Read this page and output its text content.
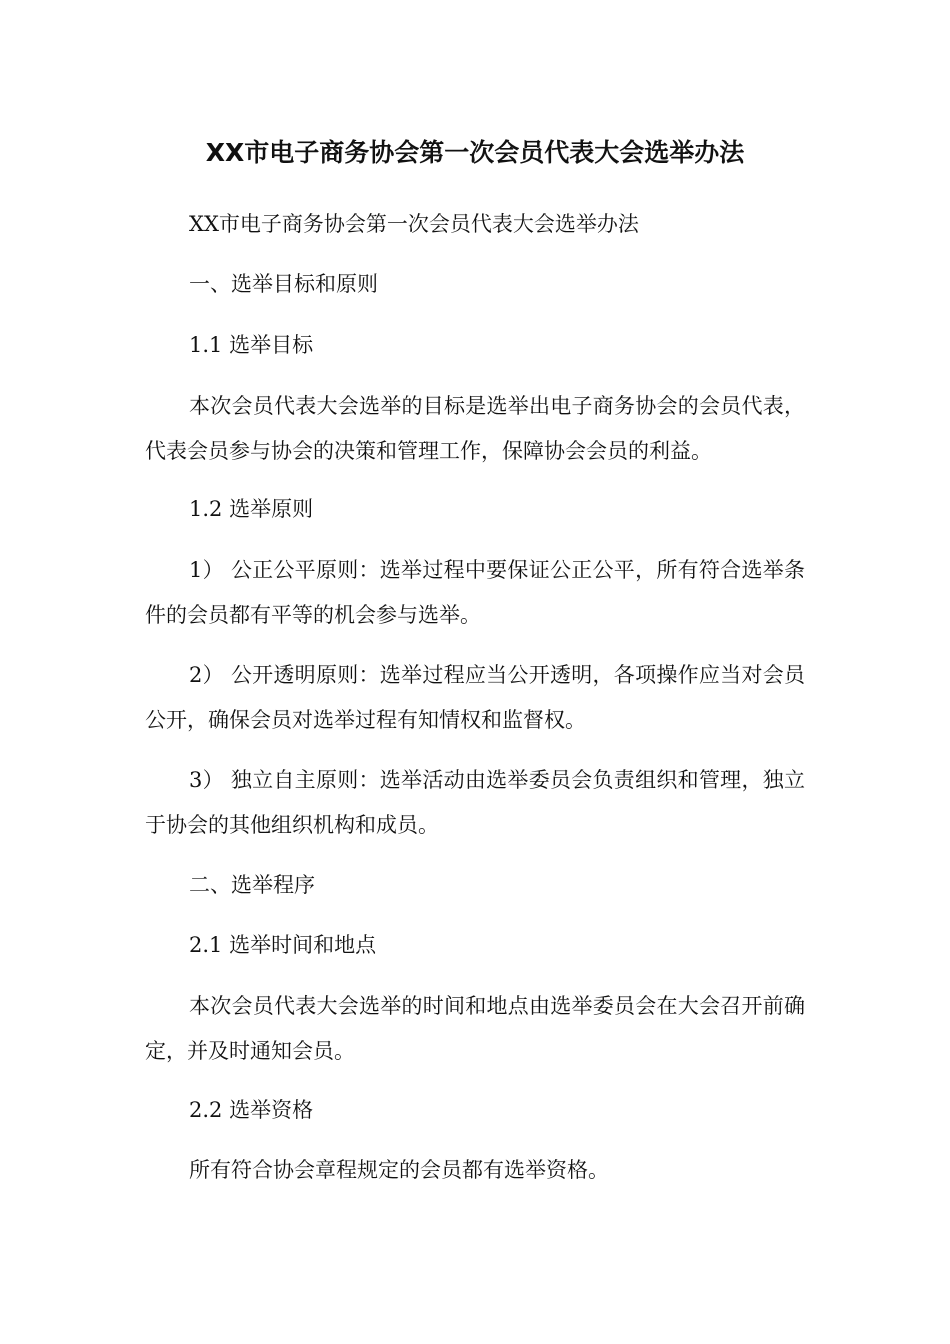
XX市电子商务协会第一次会员代表大会选举办法

XX市电子商务协会第一次会员代表大会选举办法

一、选举目标和原则

1.1 选举目标

本次会员代表大会选举的目标是选举出电子商务协会的会员代表，代表会员参与协会的决策和管理工作，保障协会会员的利益。

1.2 选举原则

1） 公正公平原则：选举过程中要保证公正公平，所有符合选举条件的会员都有平等的机会参与选举。

2） 公开透明原则：选举过程应当公开透明，各项操作应当对会员公开，确保会员对选举过程有知情权和监督权。

3） 独立自主原则：选举活动由选举委员会负责组织和管理，独立于协会的其他组织机构和成员。

二、选举程序

2.1 选举时间和地点

本次会员代表大会选举的时间和地点由选举委员会在大会召开前确定，并及时通知会员。

2.2 选举资格

所有符合协会章程规定的会员都有选举资格。
